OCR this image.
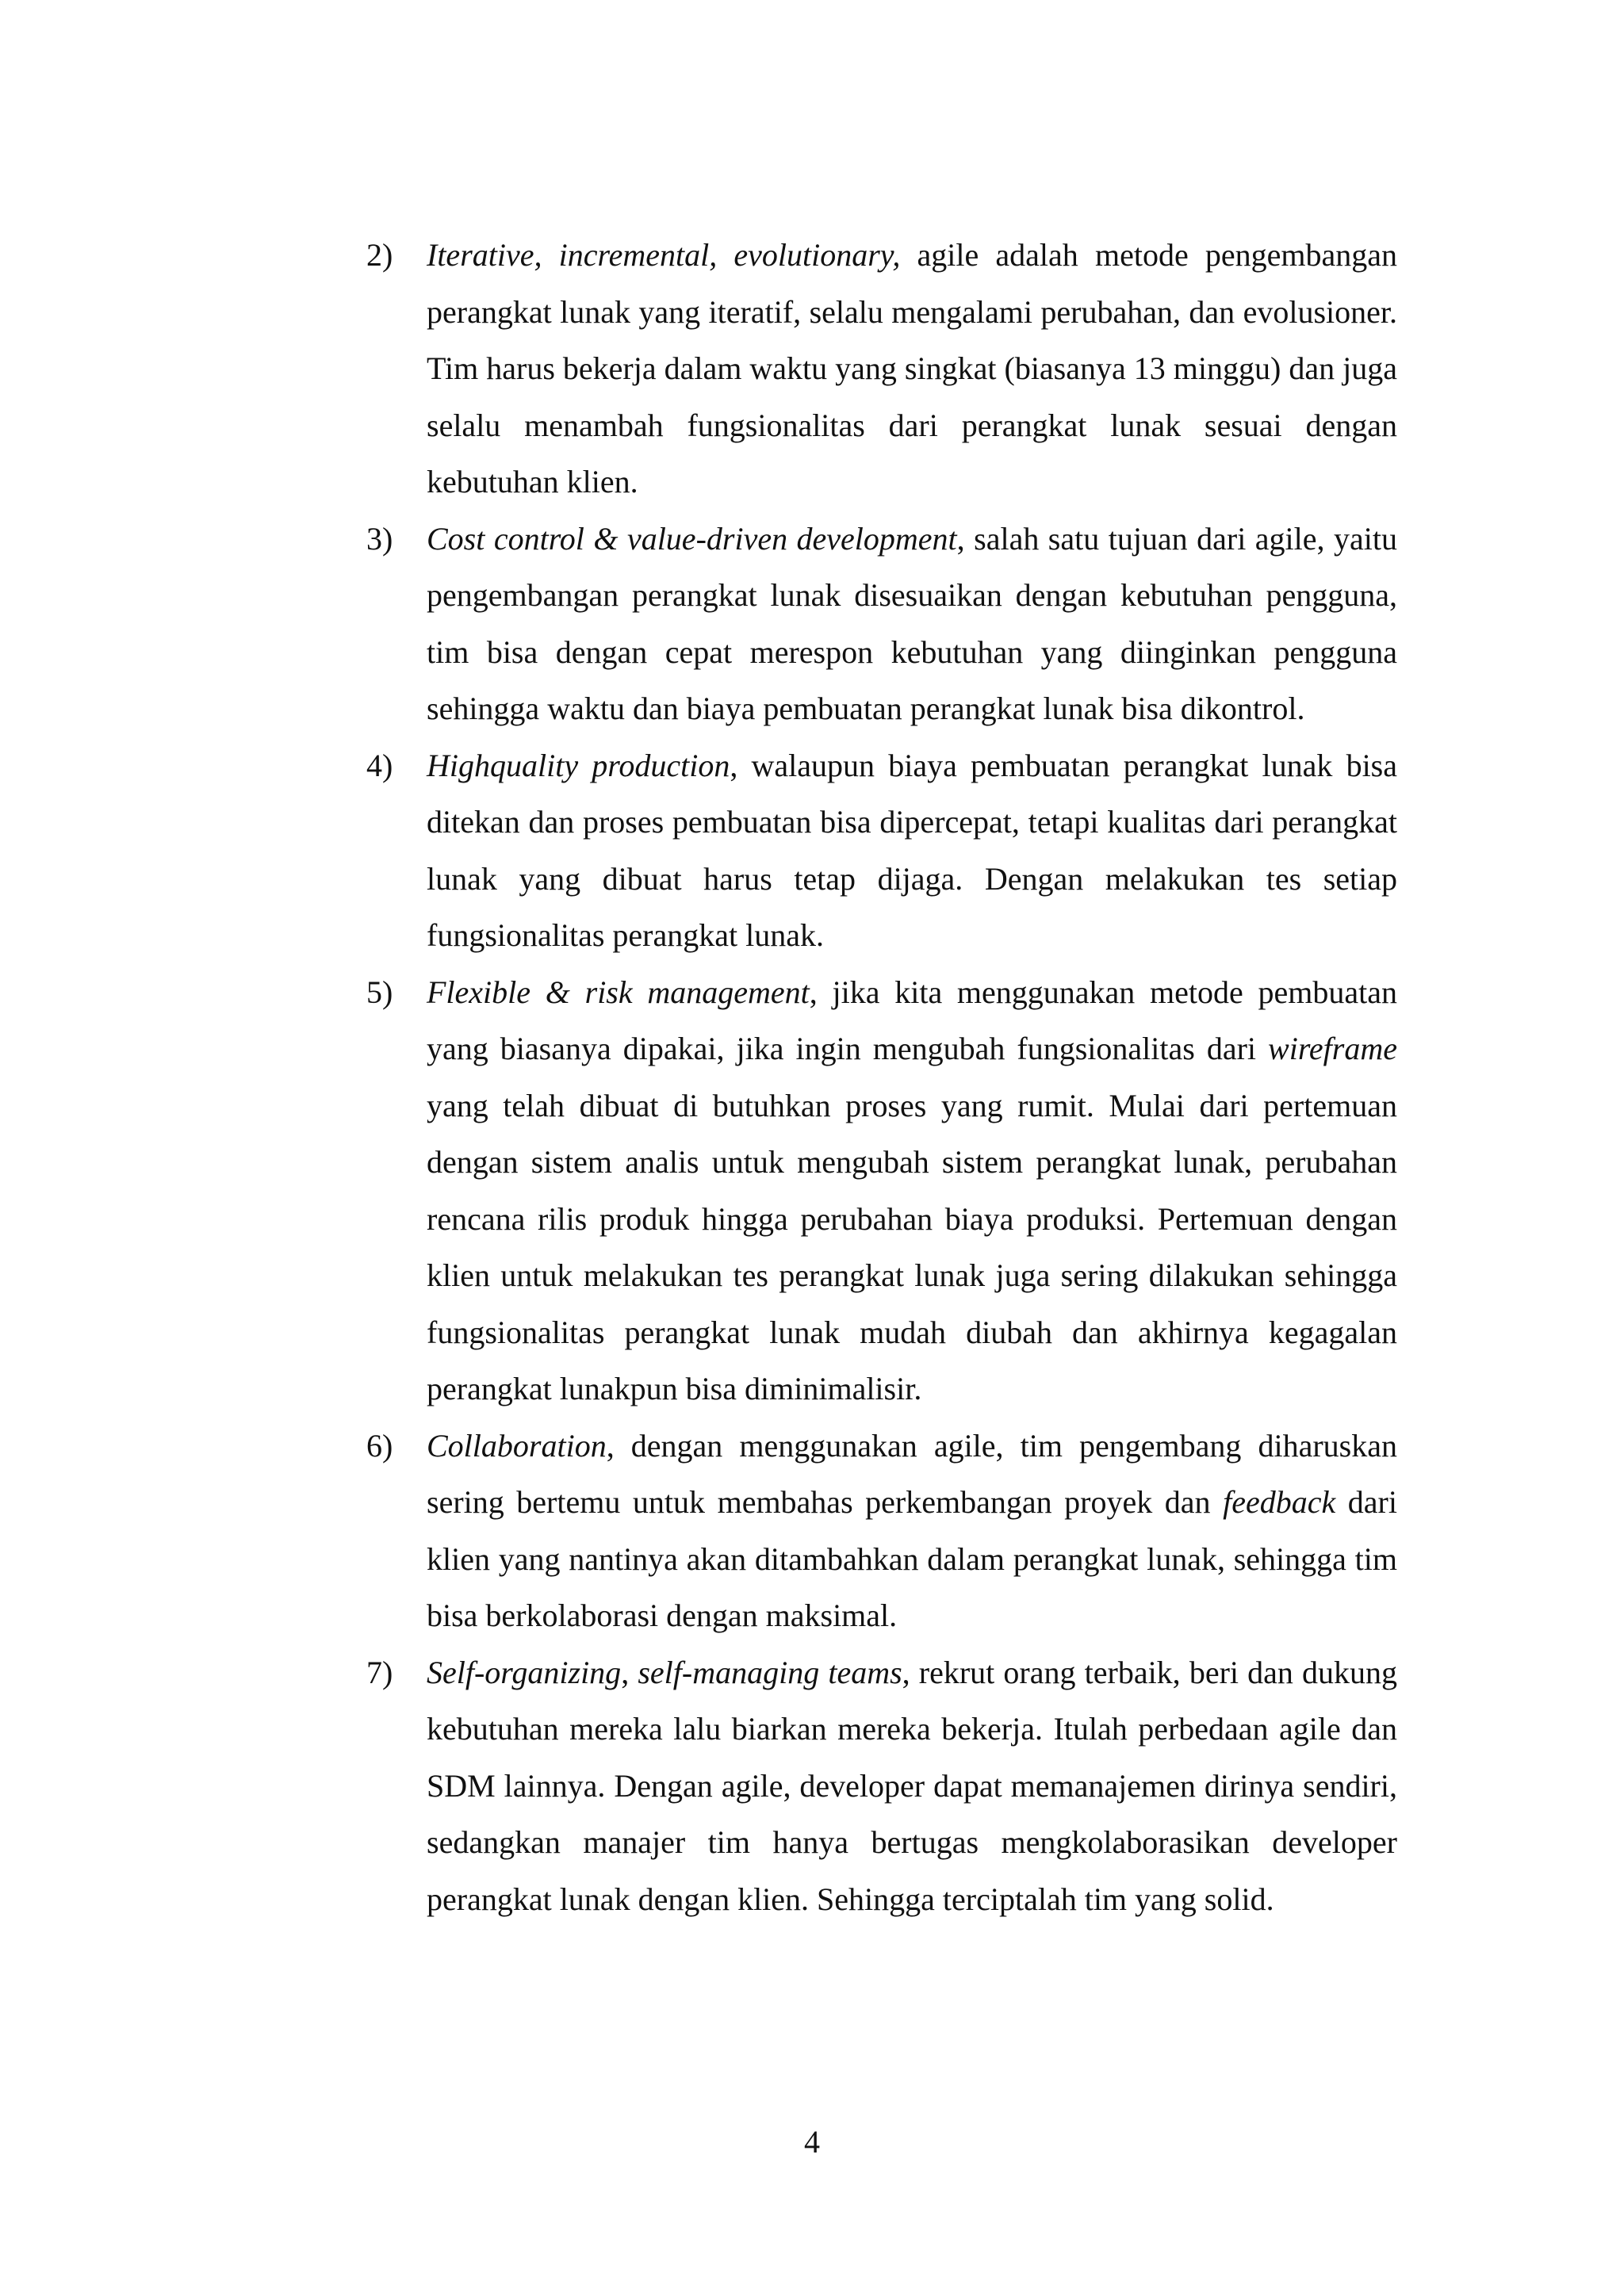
2)	Iterative, incremental, evolutionary, agile adalah metode pengembangan perangkat lunak yang iteratif, selalu mengalami perubahan, dan evolusioner. Tim harus bekerja dalam waktu yang singkat (biasanya 13 minggu) dan juga selalu menambah fungsionalitas dari perangkat lunak sesuai dengan kebutuhan klien.
3)	Cost control & value-driven development, salah satu tujuan dari agile, yaitu pengembangan perangkat lunak disesuaikan dengan kebutuhan pengguna, tim bisa dengan cepat merespon kebutuhan yang diinginkan pengguna sehingga waktu dan biaya pembuatan perangkat lunak bisa dikontrol.
4)	Highquality production, walaupun biaya pembuatan perangkat lunak bisa ditekan dan proses pembuatan bisa dipercepat, tetapi kualitas dari perangkat lunak yang dibuat harus tetap dijaga. Dengan melakukan tes setiap fungsionalitas perangkat lunak.
5)	Flexible & risk management, jika kita menggunakan metode pembuatan yang biasanya dipakai, jika ingin mengubah fungsionalitas dari wireframe yang telah dibuat di butuhkan proses yang rumit. Mulai dari pertemuan dengan sistem analis untuk mengubah sistem perangkat lunak, perubahan rencana rilis produk hingga perubahan biaya produksi. Pertemuan dengan klien untuk melakukan tes perangkat lunak juga sering dilakukan sehingga fungsionalitas perangkat lunak mudah diubah dan akhirnya kegagalan perangkat lunakpun bisa diminimalisir.
6)	Collaboration, dengan menggunakan agile, tim pengembang diharuskan sering bertemu untuk membahas perkembangan proyek dan feedback dari klien yang nantinya akan ditambahkan dalam perangkat lunak, sehingga tim bisa berkolaborasi dengan maksimal.
7)	Self-organizing, self-managing teams, rekrut orang terbaik, beri dan dukung kebutuhan mereka lalu biarkan mereka bekerja. Itulah perbedaan agile dan SDM lainnya. Dengan agile, developer dapat memanajemen dirinya sendiri, sedangkan manajer tim hanya bertugas mengkolaborasikan developer perangkat lunak dengan klien. Sehingga terciptalah tim yang solid.
4
